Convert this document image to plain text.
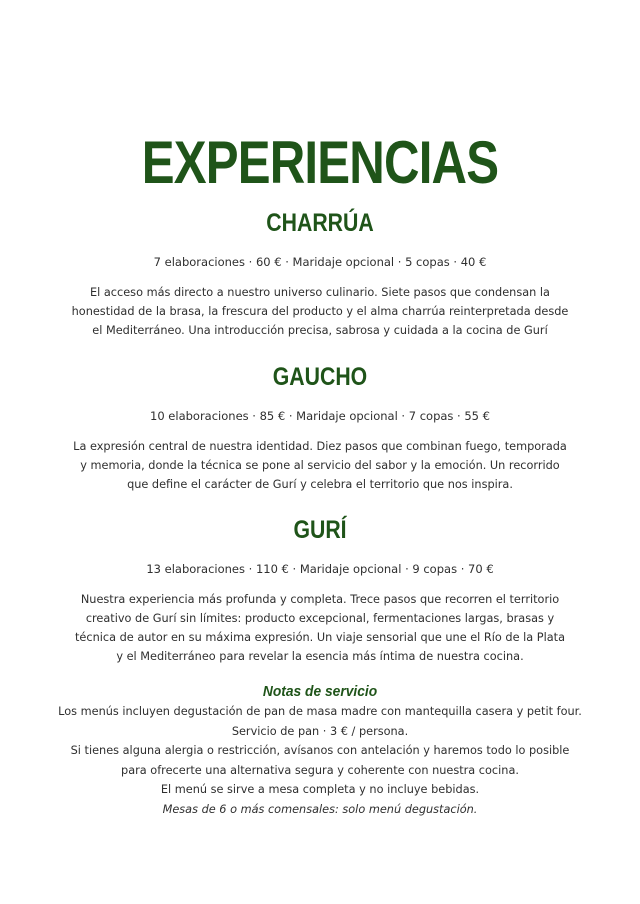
EXPERIENCIAS
CHARRÚA
7 elaboraciones · 60 € · Maridaje opcional · 5 copas · 40 €
El acceso más directo a nuestro universo culinario. Siete pasos que condensan la honestidad de la brasa, la frescura del producto y el alma charrúa reinterpretada desde el Mediterráneo. Una introducción precisa, sabrosa y cuidada a la cocina de Gurí
GAUCHO
10 elaboraciones · 85 € · Maridaje opcional · 7 copas · 55 €
La expresión central de nuestra identidad. Diez pasos que combinan fuego, temporada y memoria, donde la técnica se pone al servicio del sabor y la emoción. Un recorrido que define el carácter de Gurí y celebra el territorio que nos inspira.
GURÍ
13 elaboraciones · 110 € · Maridaje opcional · 9 copas · 70 €
Nuestra experiencia más profunda y completa. Trece pasos que recorren el territorio creativo de Gurí sin límites: producto excepcional, fermentaciones largas, brasas y técnica de autor en su máxima expresión. Un viaje sensorial que une el Río de la Plata y el Mediterráneo para revelar la esencia más íntima de nuestra cocina.
Notas de servicio
Los menús incluyen degustación de pan de masa madre con mantequilla casera y petit four.
Servicio de pan · 3 € / persona.
Si tienes alguna alergia o restricción, avísanos con antelación y haremos todo lo posible
para ofrecerte una alternativa segura y coherente con nuestra cocina.
El menú se sirve a mesa completa y no incluye bebidas.
Mesas de 6 o más comensales: solo menú degustación.
